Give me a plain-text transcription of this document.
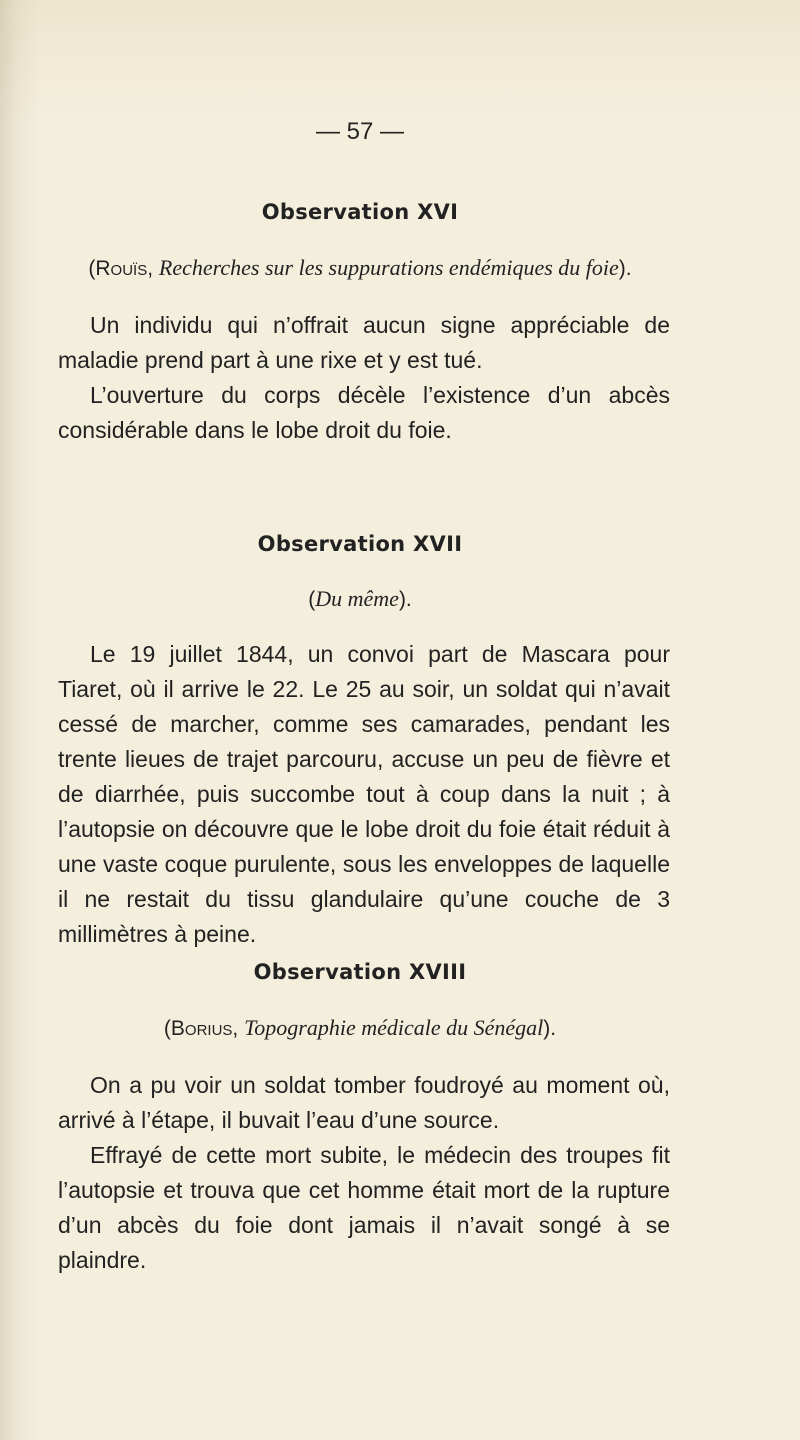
— 57 —
Observation XVI
(Rouïs, Recherches sur les suppurations endémiques du foie).
Un individu qui n’offrait aucun signe appréciable de maladie prend part à une rixe et y est tué.
L’ouverture du corps décèle l’existence d’un abcès considérable dans le lobe droit du foie.
Observation XVII
(Du même).
Le 19 juillet 1844, un convoi part de Mascara pour Tiaret, où il arrive le 22. Le 25 au soir, un soldat qui n’avait cessé de marcher, comme ses camarades, pendant les trente lieues de trajet parcouru, accuse un peu de fièvre et de diarrhée, puis succombe tout à coup dans la nuit ; à l’autopsie on découvre que le lobe droit du foie était réduit à une vaste coque purulente, sous les enveloppes de laquelle il ne restait du tissu glandulaire qu’une couche de 3 millimètres à peine.
Observation XVIII
(Borius, Topographie médicale du Sénégal).
On a pu voir un soldat tomber foudroyé au moment où, arrivé à l’étape, il buvait l’eau d’une source.
Effrayé de cette mort subite, le médecin des troupes fit l’autopsie et trouva que cet homme était mort de la rupture d’un abcès du foie dont jamais il n’avait songé à se plaindre.
